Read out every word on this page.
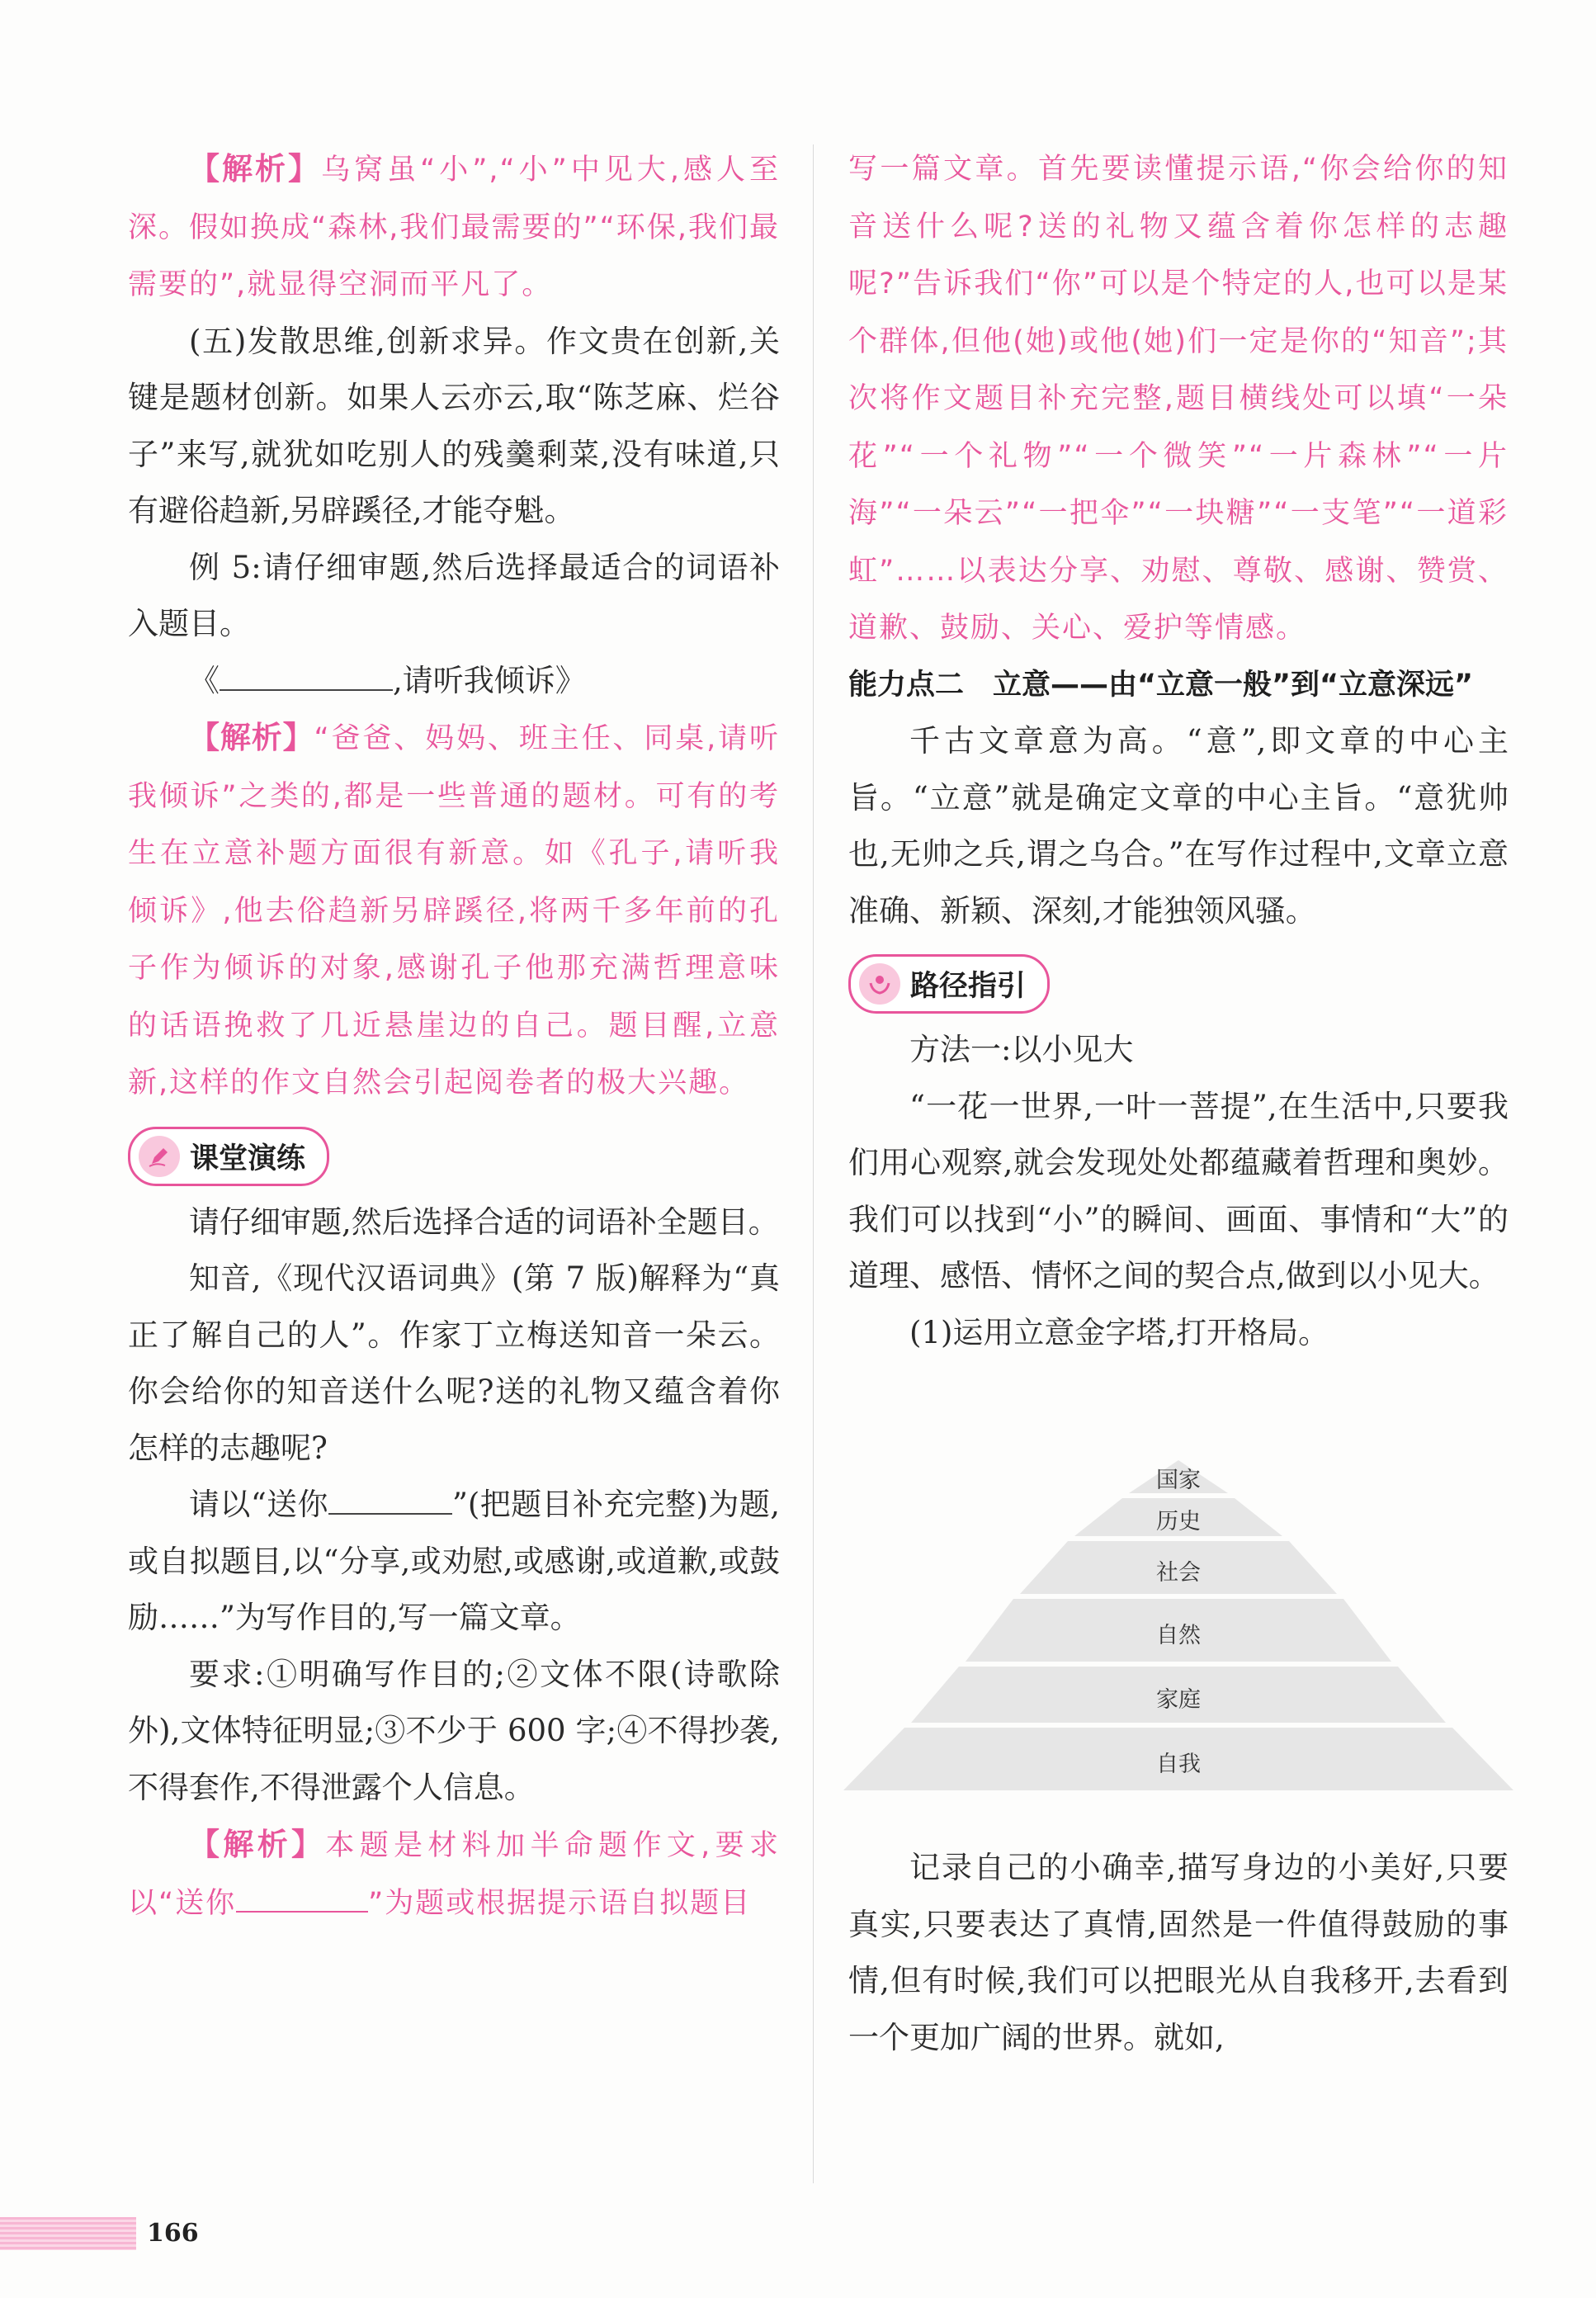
【解析】乌窝虽“小”,“小”中见大,感人至深。假如换成“森林,我们最需要的”“环保,我们最需要的”,就显得空洞而平凡了。

(五)发散思维,创新求异。作文贵在创新,关键是题材创新。如果人云亦云,取“陈芝麻、烂谷子”来写,就犹如吃别人的残羹剩菜,没有味道,只有避俗趋新,另辟蹊径,才能夺魁。

例 5:请仔细审题,然后选择最适合的词语补入题目。

《	,请听我倾诉》

【解析】“爸爸、妈妈、班主任、同桌,请听我倾诉”之类的,都是一些普通的题材。可有的考生在立意补题方面很有新意。如《孔子,请听我倾诉》,他去俗趋新另辟蹊径,将两千多年前的孔子作为倾诉的对象,感谢孔子他那充满哲理意味的话语挽救了几近悬崖边的自己。题目醒,立意新,这样的作文自然会引起阅卷者的极大兴趣。

课堂演练

请仔细审题,然后选择合适的词语补全题目。

知音,《现代汉语词典》(第 7 版)解释为“真正了解自己的人”。作家丁立梅送知音一朵云。你会给你的知音送什么呢?送的礼物又蕴含着你怎样的志趣呢?

请以“送你	”(把题目补充完整)为题,或自拟题目,以“分享,或劝慰,或感谢,或道歉,或鼓励……”为写作目的,写一篇文章。

要求:①明确写作目的;②文体不限(诗歌除外),文体特征明显;③不少于 600 字;④不得抄袭,不得套作,不得泄露个人信息。

【解析】本题是材料加半命题作文,要求以“送你	”为题或根据提示语自拟题目

写一篇文章。首先要读懂提示语,“你会给你的知音送什么呢?送的礼物又蕴含着你怎样的志趣呢?”告诉我们“你”可以是个特定的人,也可以是某个群体,但他(她)或他(她)们一定是你的“知音”;其次将作文题目补充完整,题目横线处可以填“一朵花”“一个礼物”“一个微笑”“一片森林”“一片海”“一朵云”“一把伞”“一块糖”“一支笔”“一道彩虹”……以表达分享、劝慰、尊敬、感谢、赞赏、道歉、鼓励、关心、爱护等情感。

能力点二　立意——由“立意一般”到“立意深远”

千古文章意为高。“意”,即文章的中心主旨。“立意”就是确定文章的中心主旨。“意犹帅也,无帅之兵,谓之乌合。”在写作过程中,文章立意准确、新颖、深刻,才能独领风骚。

路径指引

方法一:以小见大

“一花一世界,一叶一菩提”,在生活中,只要我们用心观察,就会发现处处都蕴藏着哲理和奥妙。我们可以找到“小”的瞬间、画面、事情和“大”的道理、感悟、情怀之间的契合点,做到以小见大。

(1)运用立意金字塔,打开格局。

国家
历史
社会
自然
家庭
自我

记录自己的小确幸,描写身边的小美好,只要真实,只要表达了真情,固然是一件值得鼓励的事情,但有时候,我们可以把眼光从自我移开,去看到一个更加广阔的世界。就如,

166
